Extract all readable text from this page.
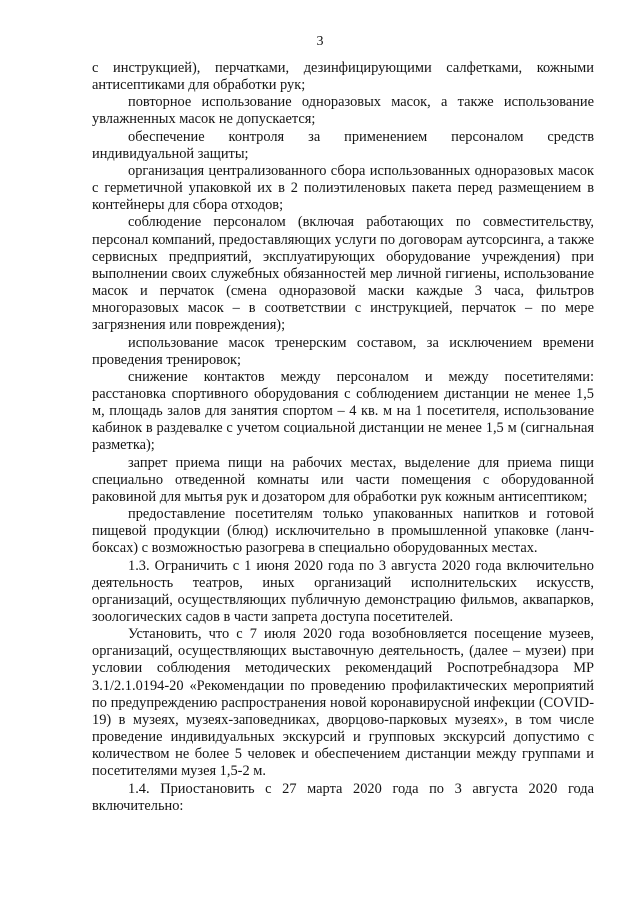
3

с инструкцией), перчатками, дезинфицирующими салфетками, кожными антисептиками для обработки рук;

повторное использование одноразовых масок, а также использование увлажненных масок не допускается;

обеспечение контроля за применением персоналом средств индивидуальной защиты;

организация централизованного сбора использованных одноразовых масок с герметичной упаковкой их в 2 полиэтиленовых пакета перед размещением в контейнеры для сбора отходов;

соблюдение персоналом (включая работающих по совместительству, персонал компаний, предоставляющих услуги по договорам аутсорсинга, а также сервисных предприятий, эксплуатирующих оборудование учреждения) при выполнении своих служебных обязанностей мер личной гигиены, использование масок и перчаток (смена одноразовой маски каждые 3 часа, фильтров многоразовых масок – в соответствии с инструкцией, перчаток – по мере загрязнения или повреждения);

использование масок тренерским составом, за исключением времени проведения тренировок;

снижение контактов между персоналом и между посетителями: расстановка спортивного оборудования с соблюдением дистанции не менее 1,5 м, площадь залов для занятия спортом – 4 кв. м на 1 посетителя, использование кабинок в раздевалке с учетом социальной дистанции не менее 1,5 м (сигнальная разметка);

запрет приема пищи на рабочих местах, выделение для приема пищи специально отведенной комнаты или части помещения с оборудованной раковиной для мытья рук и дозатором для обработки рук кожным антисептиком;

предоставление посетителям только упакованных напитков и готовой пищевой продукции (блюд) исключительно в промышленной упаковке (ланч-боксах) с возможностью разогрева в специально оборудованных местах.

1.3. Ограничить с 1 июня 2020 года по 3 августа 2020 года включительно деятельность театров, иных организаций исполнительских искусств, организаций, осуществляющих публичную демонстрацию фильмов, аквапарков, зоологических садов в части запрета доступа посетителей.

Установить, что с 7 июля 2020 года возобновляется посещение музеев, организаций, осуществляющих выставочную деятельность, (далее – музеи) при условии соблюдения методических рекомендаций Роспотребнадзора МР 3.1/2.1.0194-20 «Рекомендации по проведению профилактических мероприятий по предупреждению распространения новой коронавирусной инфекции (COVID-19) в музеях, музеях-заповедниках, дворцово-парковых музеях», в том числе проведение индивидуальных экскурсий и групповых экскурсий допустимо с количеством не более 5 человек и обеспечением дистанции между группами и посетителями музея 1,5-2 м.

1.4. Приостановить с 27 марта 2020 года по 3 августа 2020 года включительно:
